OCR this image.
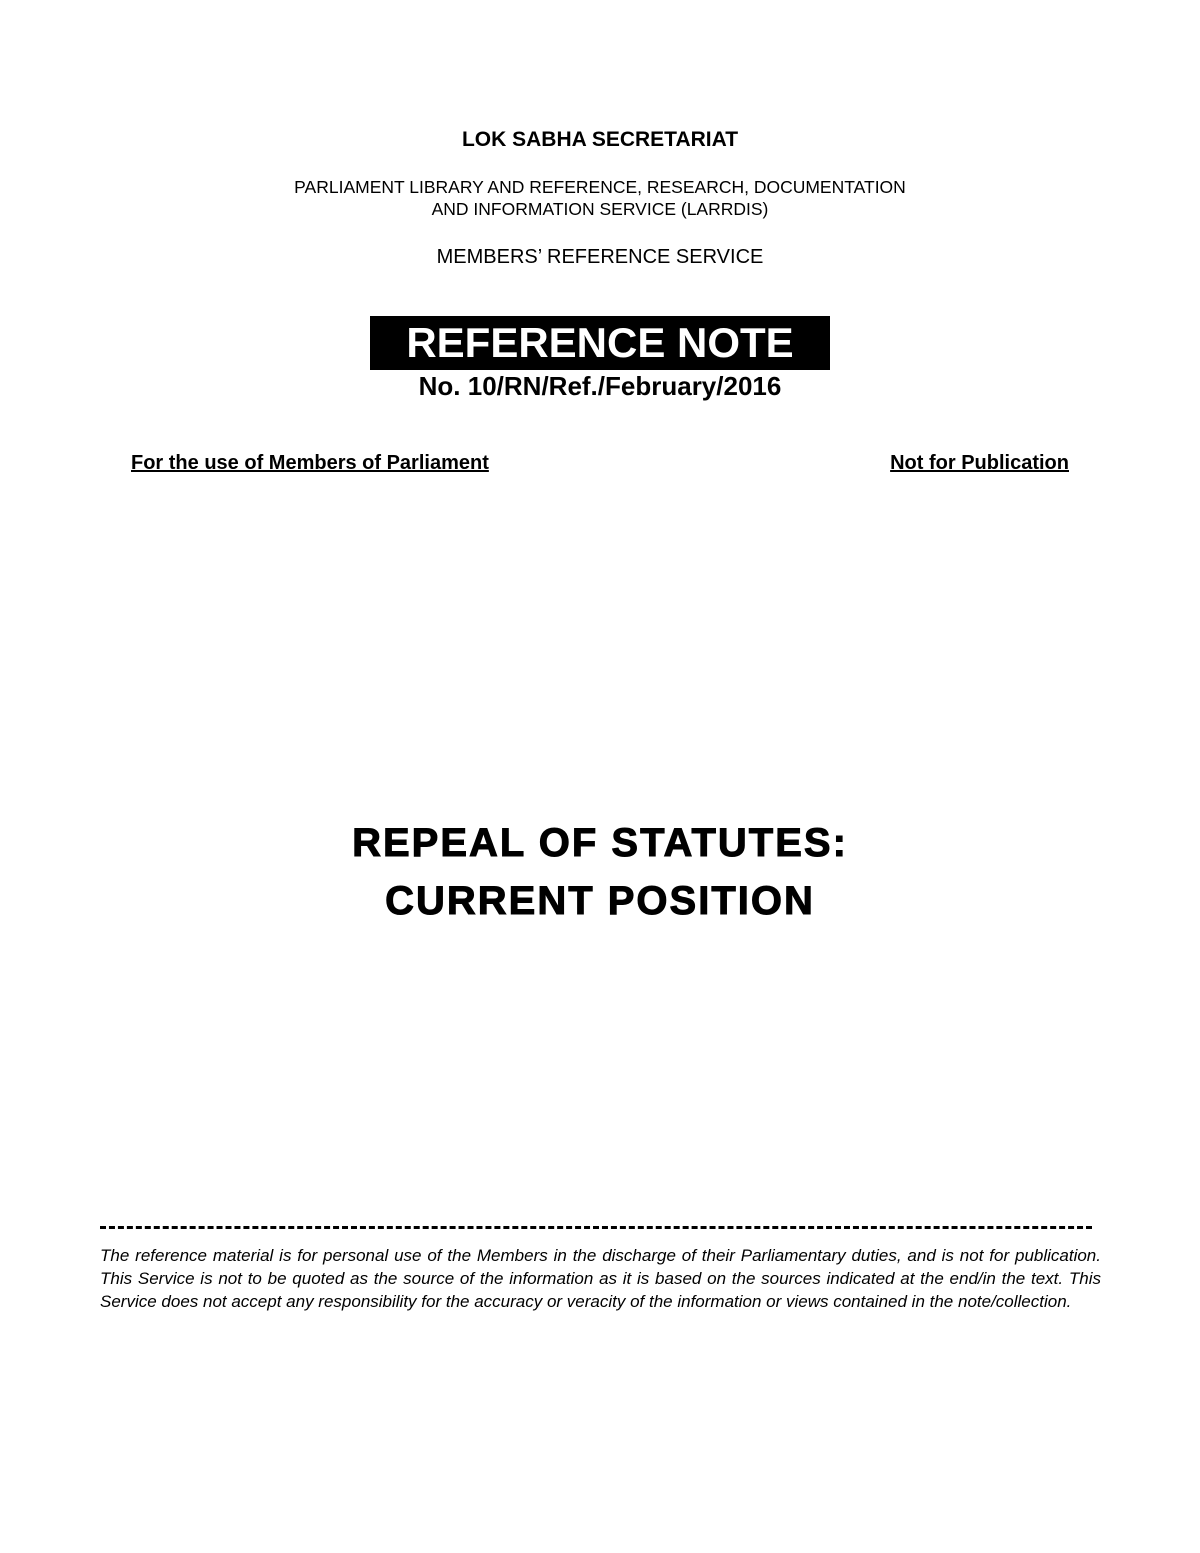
LOK SABHA SECRETARIAT
PARLIAMENT LIBRARY AND REFERENCE, RESEARCH, DOCUMENTATION
AND INFORMATION SERVICE (LARRDIS)
MEMBERS’ REFERENCE SERVICE
REFERENCE NOTE
No. 10/RN/Ref./February/2016
For the use of Members of Parliament	Not for Publication
REPEAL OF STATUTES:
CURRENT POSITION
The reference material is for personal use of the Members in the discharge of their Parliamentary duties, and is not for publication. This Service is not to be quoted as the source of the information as it is based on the sources indicated at the end/in the text. This Service does not accept any responsibility for the accuracy or veracity of the information or views contained in the note/collection.
